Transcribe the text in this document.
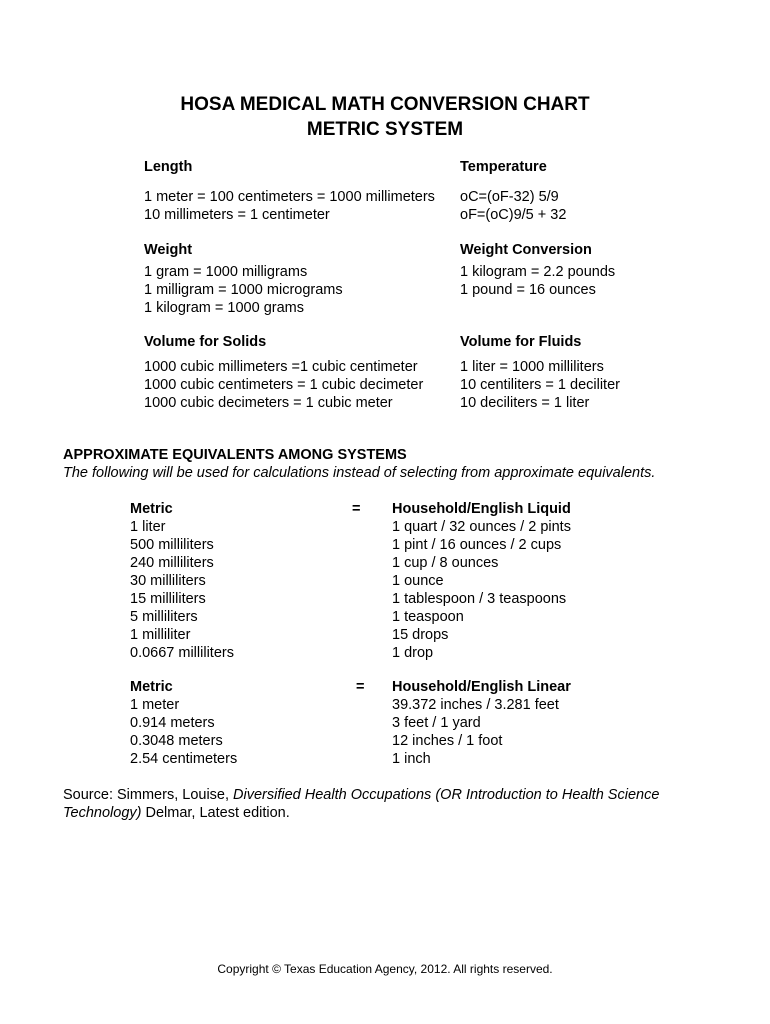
HOSA MEDICAL MATH CONVERSION CHART
METRIC SYSTEM
Length
1 meter = 100 centimeters = 1000 millimeters
10 millimeters = 1 centimeter
Temperature
oC=(oF-32) 5/9
oF=(oC)9/5 + 32
Weight
1 gram = 1000 milligrams
1 milligram = 1000 micrograms
1 kilogram = 1000 grams
Weight Conversion
1 kilogram = 2.2 pounds
1 pound = 16 ounces
Volume for Solids
1000 cubic millimeters =1 cubic centimeter
1000 cubic centimeters = 1 cubic decimeter
1000 cubic decimeters = 1 cubic meter
Volume for Fluids
1 liter = 1000 milliliters
10 centiliters = 1 deciliter
10 deciliters = 1 liter
APPROXIMATE EQUIVALENTS AMONG SYSTEMS
The following will be used for calculations instead of selecting from approximate equivalents.
Metric	= Household/English Liquid
1 liter
500 milliliters
240 milliliters
30 milliliters
15 milliliters
5 milliliters
1 milliliter
0.0667 milliliters
1 quart / 32 ounces / 2 pints
1 pint / 16 ounces / 2 cups
1 cup / 8 ounces
1 ounce
1 tablespoon / 3 teaspoons
1 teaspoon
15 drops
1 drop
Metric	= Household/English Linear
1 meter
0.914 meters
0.3048 meters
2.54 centimeters
39.372 inches / 3.281 feet
3 feet / 1 yard
12 inches / 1 foot
1 inch
Source: Simmers, Louise, Diversified Health Occupations (OR Introduction to Health Science Technology) Delmar, Latest edition.
Copyright © Texas Education Agency, 2012. All rights reserved.
